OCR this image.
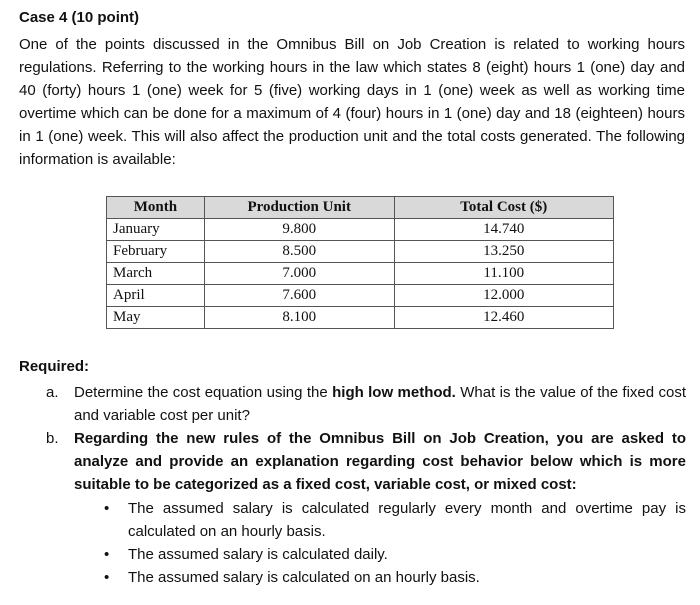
Case 4 (10 point)
One of the points discussed in the Omnibus Bill on Job Creation is related to working hours regulations. Referring to the working hours in the law which states 8 (eight) hours 1 (one) day and 40 (forty) hours 1 (one) week for 5 (five) working days in 1 (one) week as well as working time overtime which can be done for a maximum of 4 (four) hours in 1 (one) day and 18 (eighteen) hours in 1 (one) week. This will also affect the production unit and the total costs generated. The following information is available:
Month	Production Unit	Total Cost ($)
January	9.800	14.740
February	8.500	13.250
March	7.000	11.100
April	7.600	12.000
May	8.100	12.460
Required:
a. Determine the cost equation using the high low method. What is the value of the fixed cost and variable cost per unit?
b. Regarding the new rules of the Omnibus Bill on Job Creation, you are asked to analyze and provide an explanation regarding cost behavior below which is more suitable to be categorized as a fixed cost, variable cost, or mixed cost:
• The assumed salary is calculated regularly every month and overtime pay is calculated on an hourly basis.
• The assumed salary is calculated daily.
• The assumed salary is calculated on an hourly basis.
